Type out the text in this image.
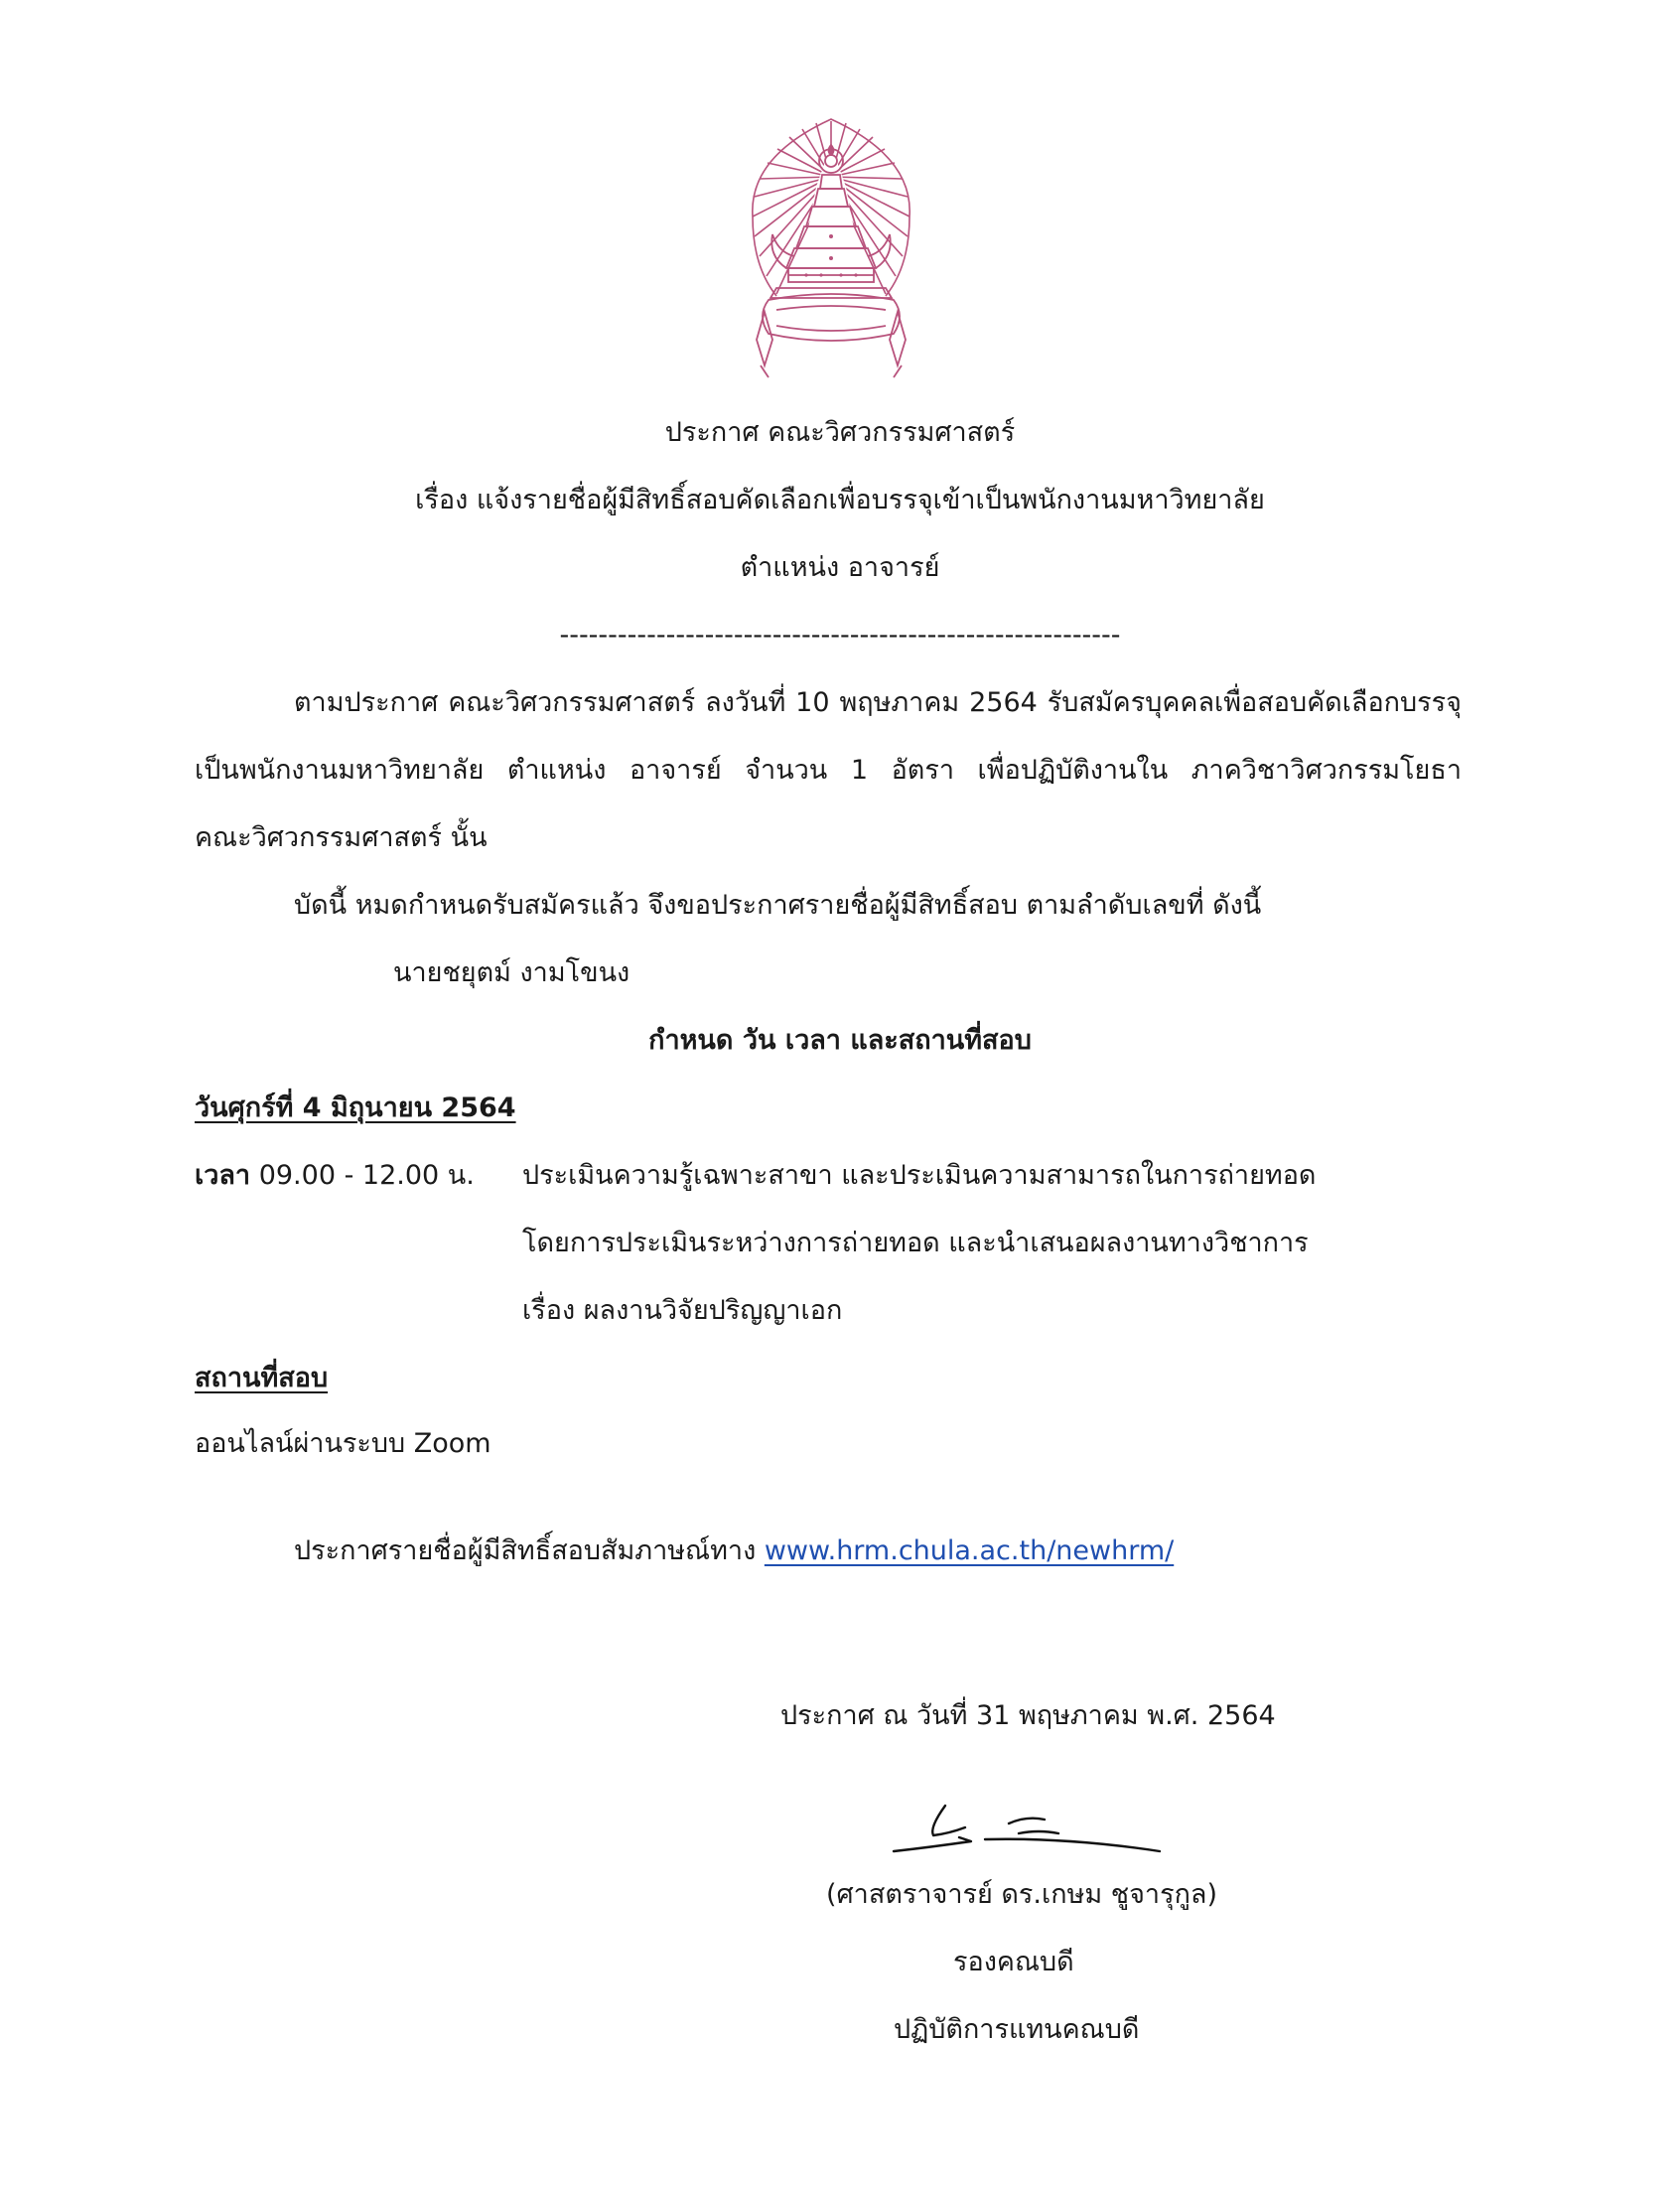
ประกาศ คณะวิศวกรรมศาสตร์
เรื่อง แจ้งรายชื่อผู้มีสิทธิ์สอบคัดเลือกเพื่อบรรจุเข้าเป็นพนักงานมหาวิทยาลัย
ตำแหน่ง อาจารย์
----------------------------------------------------------
ตามประกาศ คณะวิศวกรรมศาสตร์ ลงวันที่ 10 พฤษภาคม 2564 รับสมัครบุคคลเพื่อสอบคัดเลือกบรรจุ
เป็นพนักงานมหาวิทยาลัย ตำแหน่ง อาจารย์ จำนวน 1 อัตรา เพื่อปฏิบัติงานใน ภาควิชาวิศวกรรมโยธา
คณะวิศวกรรมศาสตร์ นั้น
บัดนี้ หมดกำหนดรับสมัครแล้ว จึงขอประกาศรายชื่อผู้มีสิทธิ์สอบ ตามลำดับเลขที่ ดังนี้
นายชยุตม์ งามโขนง
กำหนด วัน เวลา และสถานที่สอบ
วันศุกร์ที่ 4 มิถุนายน 2564
เวลา 09.00 - 12.00 น. ประเมินความรู้เฉพาะสาขา และประเมินความสามารถในการถ่ายทอด
โดยการประเมินระหว่างการถ่ายทอด และนำเสนอผลงานทางวิชาการ
เรื่อง ผลงานวิจัยปริญญาเอก
สถานที่สอบ
ออนไลน์ผ่านระบบ Zoom
ประกาศรายชื่อผู้มีสิทธิ์สอบสัมภาษณ์ทาง www.hrm.chula.ac.th/newhrm/
ประกาศ ณ วันที่ 31 พฤษภาคม พ.ศ. 2564
(ศาสตราจารย์ ดร.เกษม ชูจารุกูล)
รองคณบดี
ปฏิบัติการแทนคณบดี
